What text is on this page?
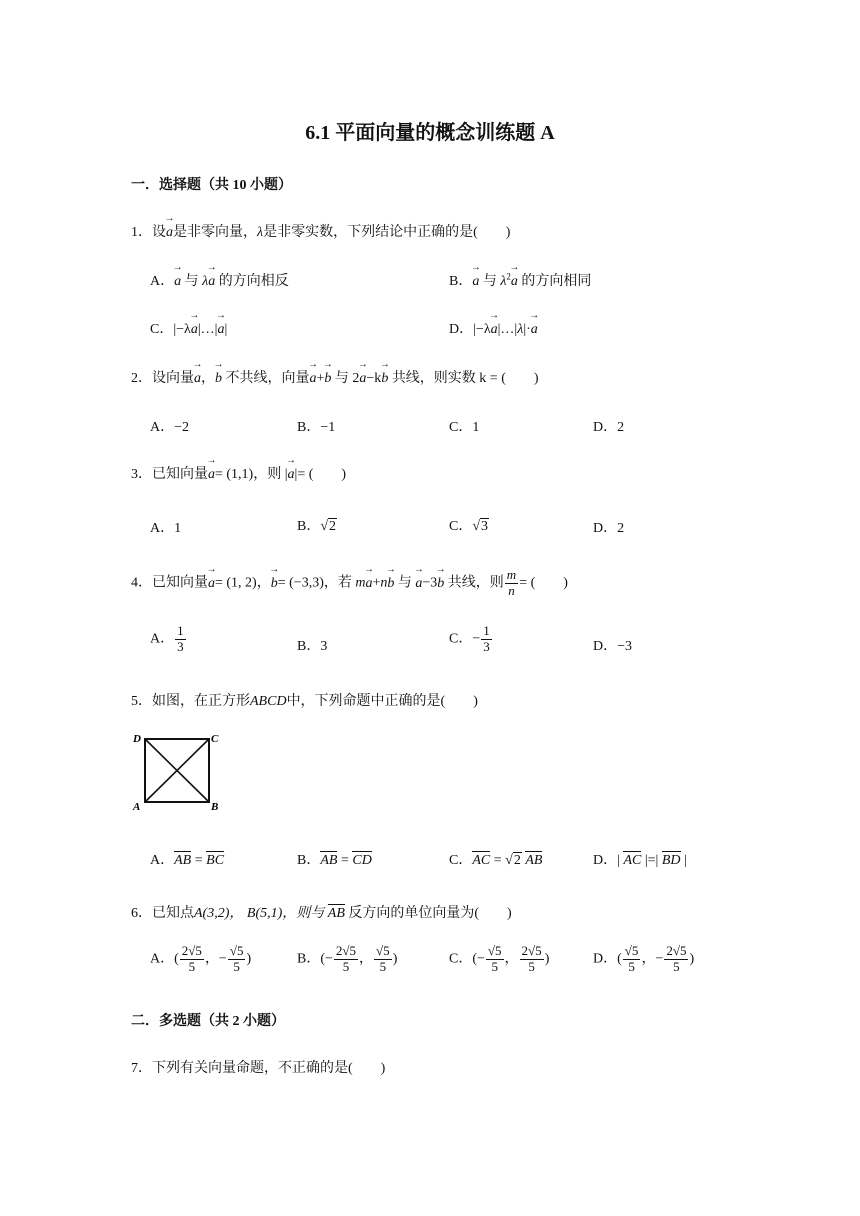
6.1 平面向量的概念训练题 A
一．选择题（共 10 小题）
1．设→ a是非零向量，λ是非零实数，下列结论中正确的是(　　)
A．→ a 与 λ→ a 的方向相反	B．→ a 与 $\lambda^2\to a$ 的方向相同
C．|−λ→ a|…|→ a|	D．|−λ→ a|…|λ|·→ a
2．设向量→ a，→ b 不共线，向量→ a+→ b 与 2→ a−k→ b 共线，则实数 k = (　　)
A．−2	B．−1	C．1	D．2
3．已知向量→ a= (1,1)，则 |→ a|= (　　)
A．1	B．√2	C．√3	D．2
4．已知向量→ a= (1, 2)，→ b= (−3,3)，若 m→ a+n→ b 与 → a−3→ b 共线，则 $\frac{m}{n}$ = (　　)
A． $\frac{1}{3}$	B．3	C．− $\frac{1}{3}$	D．−3
5．如图，在正方形ABCD中，下列命题中正确的是(　　)
D	C
A	B
A．AB = BC	B．AB = CD	C．AC = √2 AB	D．| AC |=| BD |
6．已知点A(3,2)， B(5,1)，则与 AB 反方向的单位向量为(　　)
A．( $\frac{2√5}{5}$ ，− $\frac{√5}{5}$ )	B．(− $\frac{2√5}{5}$ ， $\frac{√5}{5}$ )	C．(− $\frac{√5}{5}$ ， $\frac{2√5}{5}$ )	D．( $\frac{√5}{5}$ ，− $\frac{2√5}{5}$ )
二．多选题（共 2 小题）
7．下列有关向量命题，不正确的是(　　)
